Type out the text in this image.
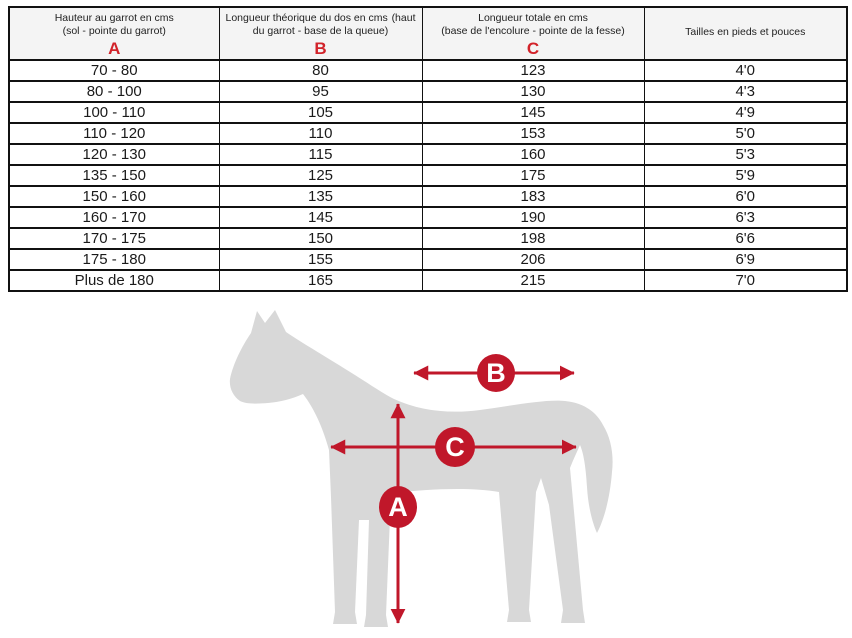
Hauteur au garrot en cms
(sol - pointe du garrot)
A

Longueur théorique du dos en cms (haut
du garrot - base de la queue)
B

Longueur totale en cms
(base de l'encolure - pointe de la fesse)
C

Tailles en pieds et pouces

70 - 80	80	123	4'0
80 - 100	95	130	4'3
100 - 110	105	145	4'9
110 - 120	110	153	5'0
120 - 130	115	160	5'3
135 - 150	125	175	5'9
150 - 160	135	183	6'0
160 - 170	145	190	6'3
170 - 175	150	198	6'6
175 - 180	155	206	6'9
Plus de 180	165	215	7'0
B
C
A
